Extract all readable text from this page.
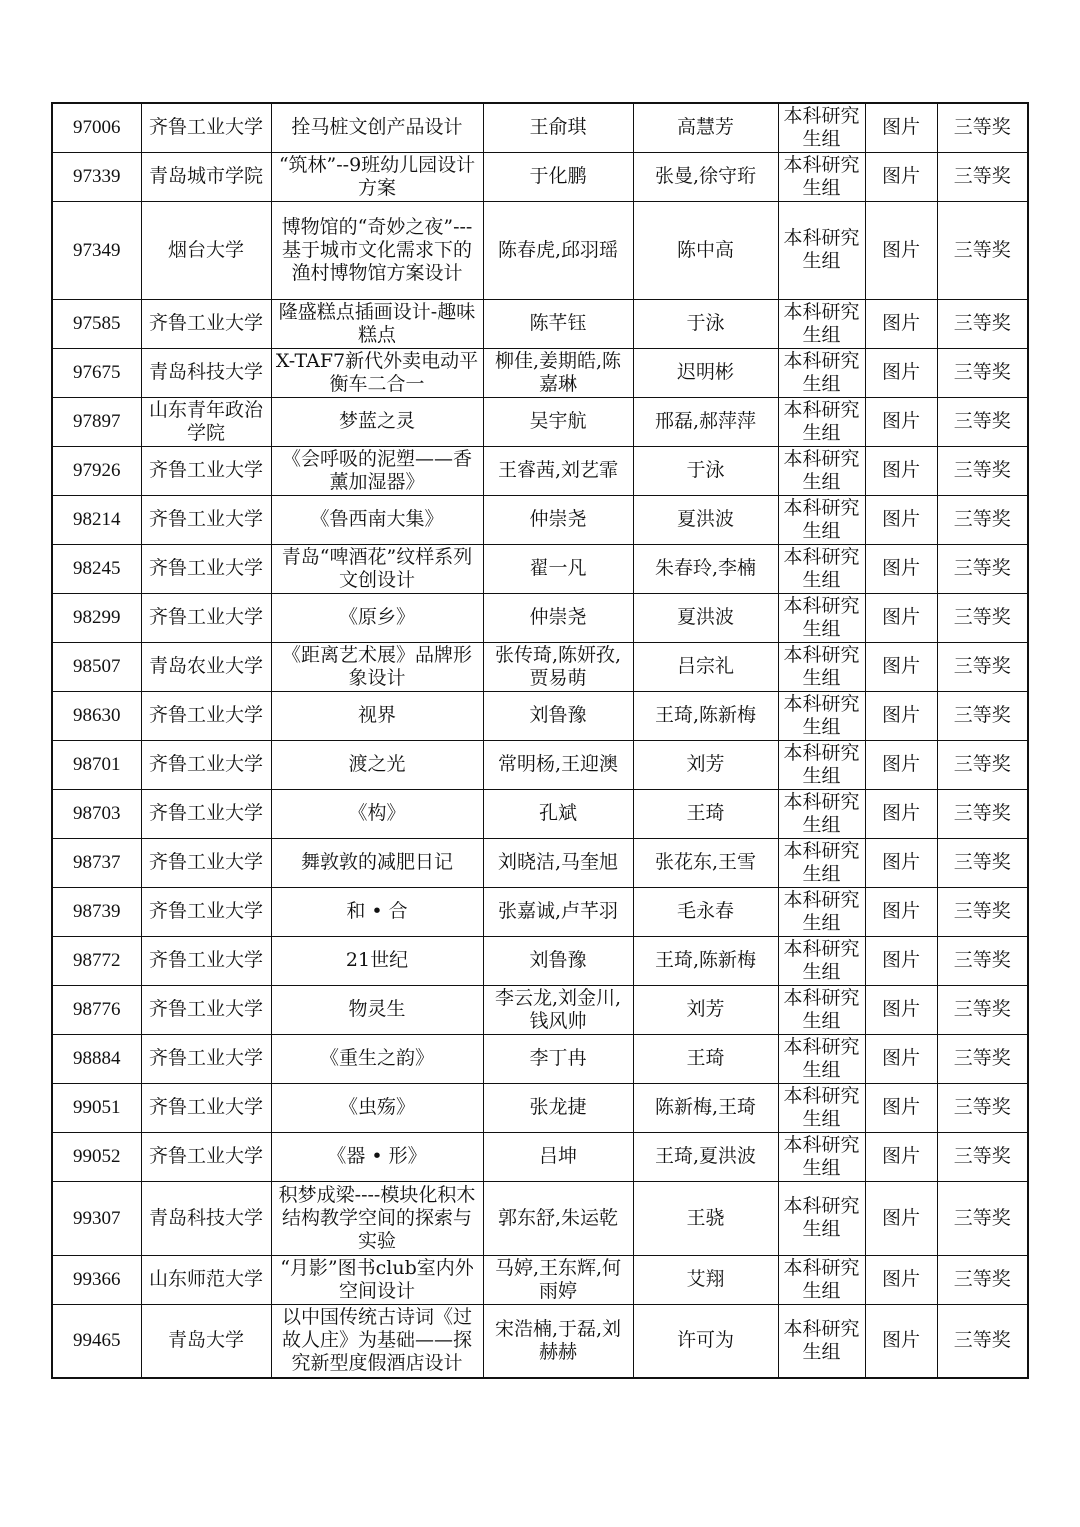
97006	齐鲁工业大学	拴马桩文创产品设计	王俞琪	高慧芳	本科研究生组	图片	三等奖
97339	青岛城市学院	“筑林”--9班幼儿园设计方案	于化鹏	张曼,徐守珩	本科研究生组	图片	三等奖
97349	烟台大学	博物馆的“奇妙之夜”---基于城市文化需求下的渔村博物馆方案设计	陈春虎,邱羽瑶	陈中高	本科研究生组	图片	三等奖
97585	齐鲁工业大学	隆盛糕点插画设计-趣味糕点	陈芊钰	于泳	本科研究生组	图片	三等奖
97675	青岛科技大学	X-TAF7新代外卖电动平衡车二合一	柳佳,姜期皓,陈嘉琳	迟明彬	本科研究生组	图片	三等奖
97897	山东青年政治学院	梦蓝之灵	吴宇航	邢磊,郝萍萍	本科研究生组	图片	三等奖
97926	齐鲁工业大学	《会呼吸的泥塑——香薰加湿器》	王睿茜,刘艺霏	于泳	本科研究生组	图片	三等奖
98214	齐鲁工业大学	《鲁西南大集》	仲崇尧	夏洪波	本科研究生组	图片	三等奖
98245	齐鲁工业大学	青岛“啤酒花”纹样系列文创设计	翟一凡	朱春玲,李楠	本科研究生组	图片	三等奖
98299	齐鲁工业大学	《原乡》	仲崇尧	夏洪波	本科研究生组	图片	三等奖
98507	青岛农业大学	《距离艺术展》品牌形象设计	张传琦,陈妍孜,贾易萌	吕宗礼	本科研究生组	图片	三等奖
98630	齐鲁工业大学	视界	刘鲁豫	王琦,陈新梅	本科研究生组	图片	三等奖
98701	齐鲁工业大学	渡之光	常明杨,王迎澳	刘芳	本科研究生组	图片	三等奖
98703	齐鲁工业大学	《构》	孔斌	王琦	本科研究生组	图片	三等奖
98737	齐鲁工业大学	舞敦敦的减肥日记	刘晓洁,马奎旭	张花东,王雪	本科研究生组	图片	三等奖
98739	齐鲁工业大学	和 • 合	张嘉诚,卢芊羽	毛永春	本科研究生组	图片	三等奖
98772	齐鲁工业大学	21世纪	刘鲁豫	王琦,陈新梅	本科研究生组	图片	三等奖
98776	齐鲁工业大学	物灵生	李云龙,刘金川,钱风帅	刘芳	本科研究生组	图片	三等奖
98884	齐鲁工业大学	《重生之韵》	李丁冉	王琦	本科研究生组	图片	三等奖
99051	齐鲁工业大学	《虫殇》	张龙捷	陈新梅,王琦	本科研究生组	图片	三等奖
99052	齐鲁工业大学	《器 • 形》	吕坤	王琦,夏洪波	本科研究生组	图片	三等奖
99307	青岛科技大学	积梦成梁----模块化积木结构教学空间的探索与实验	郭东舒,朱运乾	王骁	本科研究生组	图片	三等奖
99366	山东师范大学	“月影”图书club室内外空间设计	马婷,王东辉,何雨婷	艾翔	本科研究生组	图片	三等奖
99465	青岛大学	以中国传统古诗词《过故人庄》为基础——探究新型度假酒店设计	宋浩楠,于磊,刘赫赫	许可为	本科研究生组	图片	三等奖
